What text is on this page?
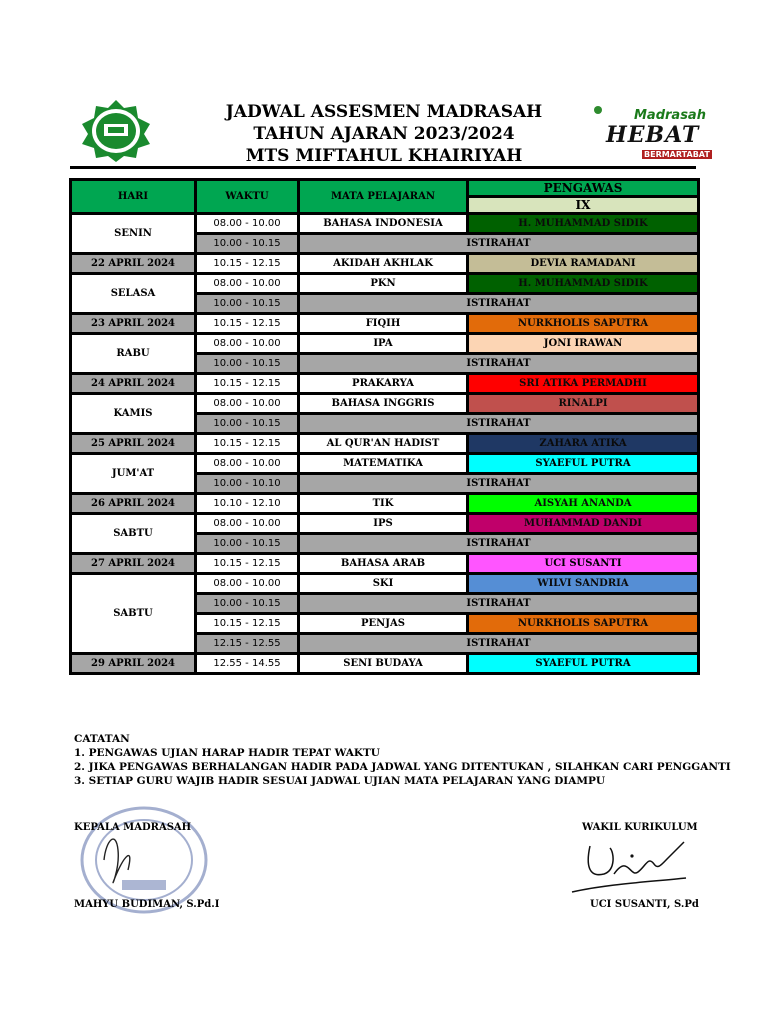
Madrasah
HEBAT
BERMARTABAT
JADWAL ASSESMEN MADRASAH
TAHUN AJARAN 2023/2024
MTS MIFTAHUL KHAIRIYAH
HARI	WAKTU	MATA PELAJARAN	PENGAWAS
			IX
SENIN	08.00 - 10.00	BAHASA INDONESIA	H. MUHAMMAD SIDIK
	10.00 - 10.15	ISTIRAHAT	
22 APRIL 2024	10.15 - 12.15	AKIDAH AKHLAK	DEVIA RAMADANI
SELASA	08.00 - 10.00	PKN	H. MUHAMMAD SIDIK
	10.00 - 10.15	ISTIRAHAT	
23 APRIL 2024	10.15 - 12.15	FIQIH	NURKHOLIS SAPUTRA
RABU	08.00 - 10.00	IPA	JONI IRAWAN
	10.00 - 10.15	ISTIRAHAT	
24 APRIL 2024	10.15 - 12.15	PRAKARYA	SRI ATIKA PERMADHI
KAMIS	08.00 - 10.00	BAHASA INGGRIS	RINALPI
	10.00 - 10.15	ISTIRAHAT	
25 APRIL 2024	10.15 - 12.15	AL QUR'AN HADIST	ZAHARA ATIKA
JUM'AT	08.00 - 10.00	MATEMATIKA	SYAEFUL PUTRA
	10.00 - 10.10	ISTIRAHAT	
26 APRIL 2024	10.10 - 12.10	TIK	AISYAH ANANDA
SABTU	08.00 - 10.00	IPS	MUHAMMAD DANDI
	10.00 - 10.15	ISTIRAHAT	
27 APRIL 2024	10.15 - 12.15	BAHASA ARAB	UCI SUSANTI
SABTU	08.00 - 10.00	SKI	WILVI SANDRIA
	10.00 - 10.15	ISTIRAHAT	
	10.15 - 12.15	PENJAS	NURKHOLIS SAPUTRA
	12.15 - 12.55	ISTIRAHAT	
29 APRIL 2024	12.55 - 14.55	SENI BUDAYA	SYAEFUL PUTRA
CATATAN
1. PENGAWAS UJIAN HARAP HADIR TEPAT WAKTU
2. JIKA PENGAWAS BERHALANGAN HADIR PADA JADWAL YANG DITENTUKAN , SILAHKAN CARI PENGGANTI
3. SETIAP GURU WAJIB HADIR SESUAI JADWAL UJIAN MATA PELAJARAN YANG DIAMPU
KEPALA MADRASAH
MAHYU BUDIMAN, S.Pd.I
WAKIL KURIKULUM
UCI SUSANTI, S.Pd
